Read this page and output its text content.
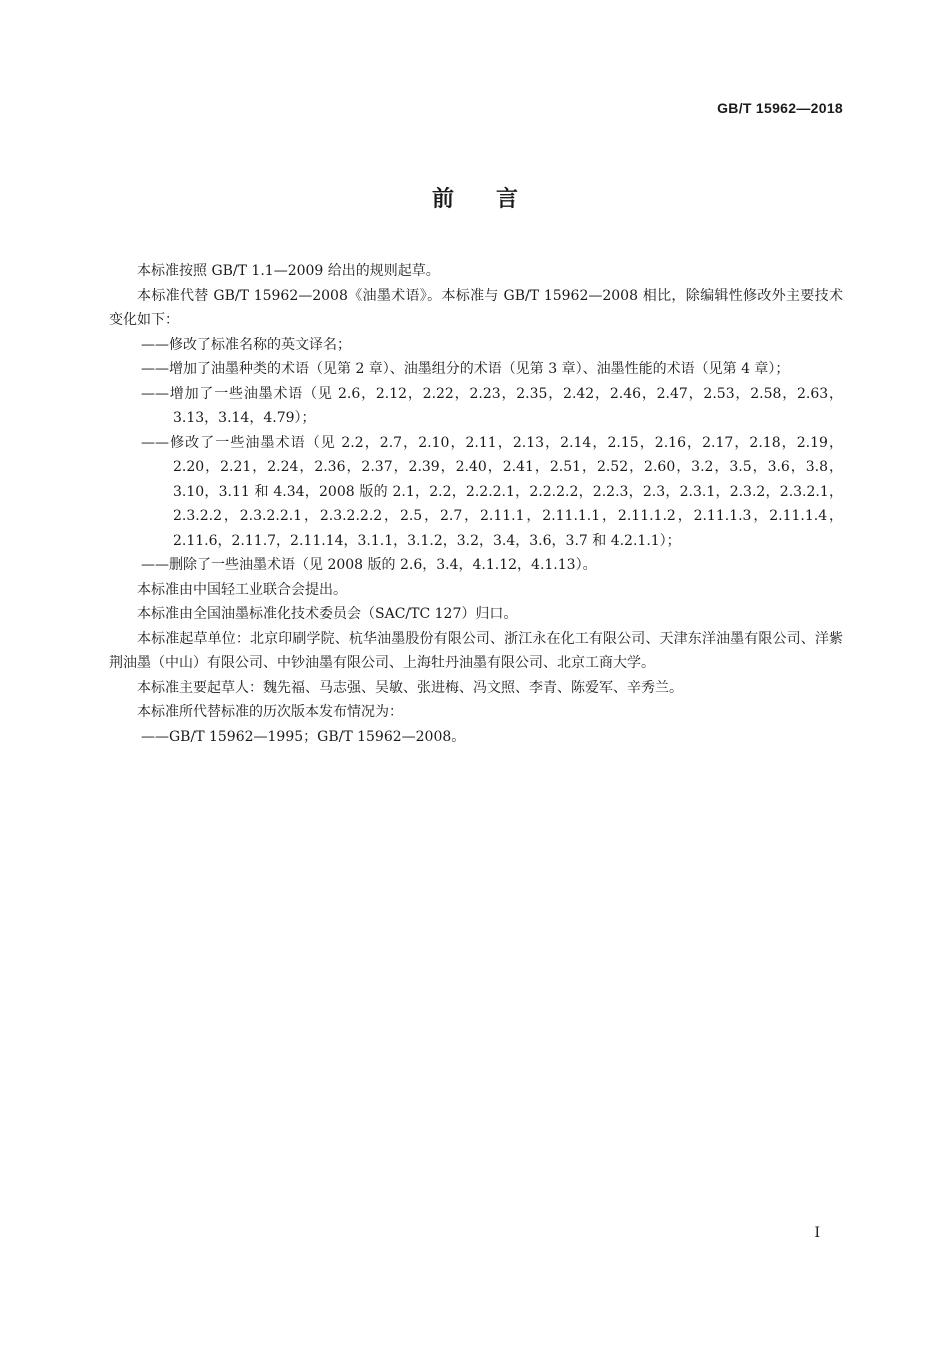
GB/T 15962—2018
前言

本标准按照 GB/T 1.1—2009 给出的规则起草。

本标准代替 GB/T 15962—2008《油墨术语》。本标准与 GB/T 15962—2008 相比，除编辑性修改外主要技术变化如下：

——修改了标准名称的英文译名；
——增加了油墨种类的术语（见第 2 章）、油墨组分的术语（见第 3 章）、油墨性能的术语（见第 4 章）；
——增加了一些油墨术语（见 2.6，2.12，2.22，2.23，2.35，2.42，2.46，2.47，2.53，2.58，2.63，3.13，3.14，4.79）；
——修改了一些油墨术语（见 2.2，2.7，2.10，2.11，2.13，2.14，2.15，2.16，2.17，2.18，2.19，2.20，2.21，2.24，2.36，2.37，2.39，2.40，2.41，2.51，2.52，2.60，3.2，3.5，3.6，3.8，3.10，3.11 和 4.34，2008 版的 2.1，2.2，2.2.2.1，2.2.2.2，2.2.3，2.3，2.3.1，2.3.2，2.3.2.1，2.3.2.2，2.3.2.2.1，2.3.2.2.2，2.5，2.7，2.11.1，2.11.1.1，2.11.1.2，2.11.1.3，2.11.1.4，2.11.6，2.11.7，2.11.14，3.1.1，3.1.2，3.2，3.4，3.6，3.7 和 4.2.1.1）；
——删除了一些油墨术语（见 2008 版的 2.6，3.4，4.1.12，4.1.13）。

本标准由中国轻工业联合会提出。

本标准由全国油墨标准化技术委员会（SAC/TC 127）归口。

本标准起草单位：北京印刷学院、杭华油墨股份有限公司、浙江永在化工有限公司、天津东洋油墨有限公司、洋紫荆油墨（中山）有限公司、中钞油墨有限公司、上海牡丹油墨有限公司、北京工商大学。

本标准主要起草人：魏先福、马志强、吴敏、张进梅、冯文照、李青、陈爱军、辛秀兰。

本标准所代替标准的历次版本发布情况为：

——GB/T 15962—1995；GB/T 15962—2008。
I
